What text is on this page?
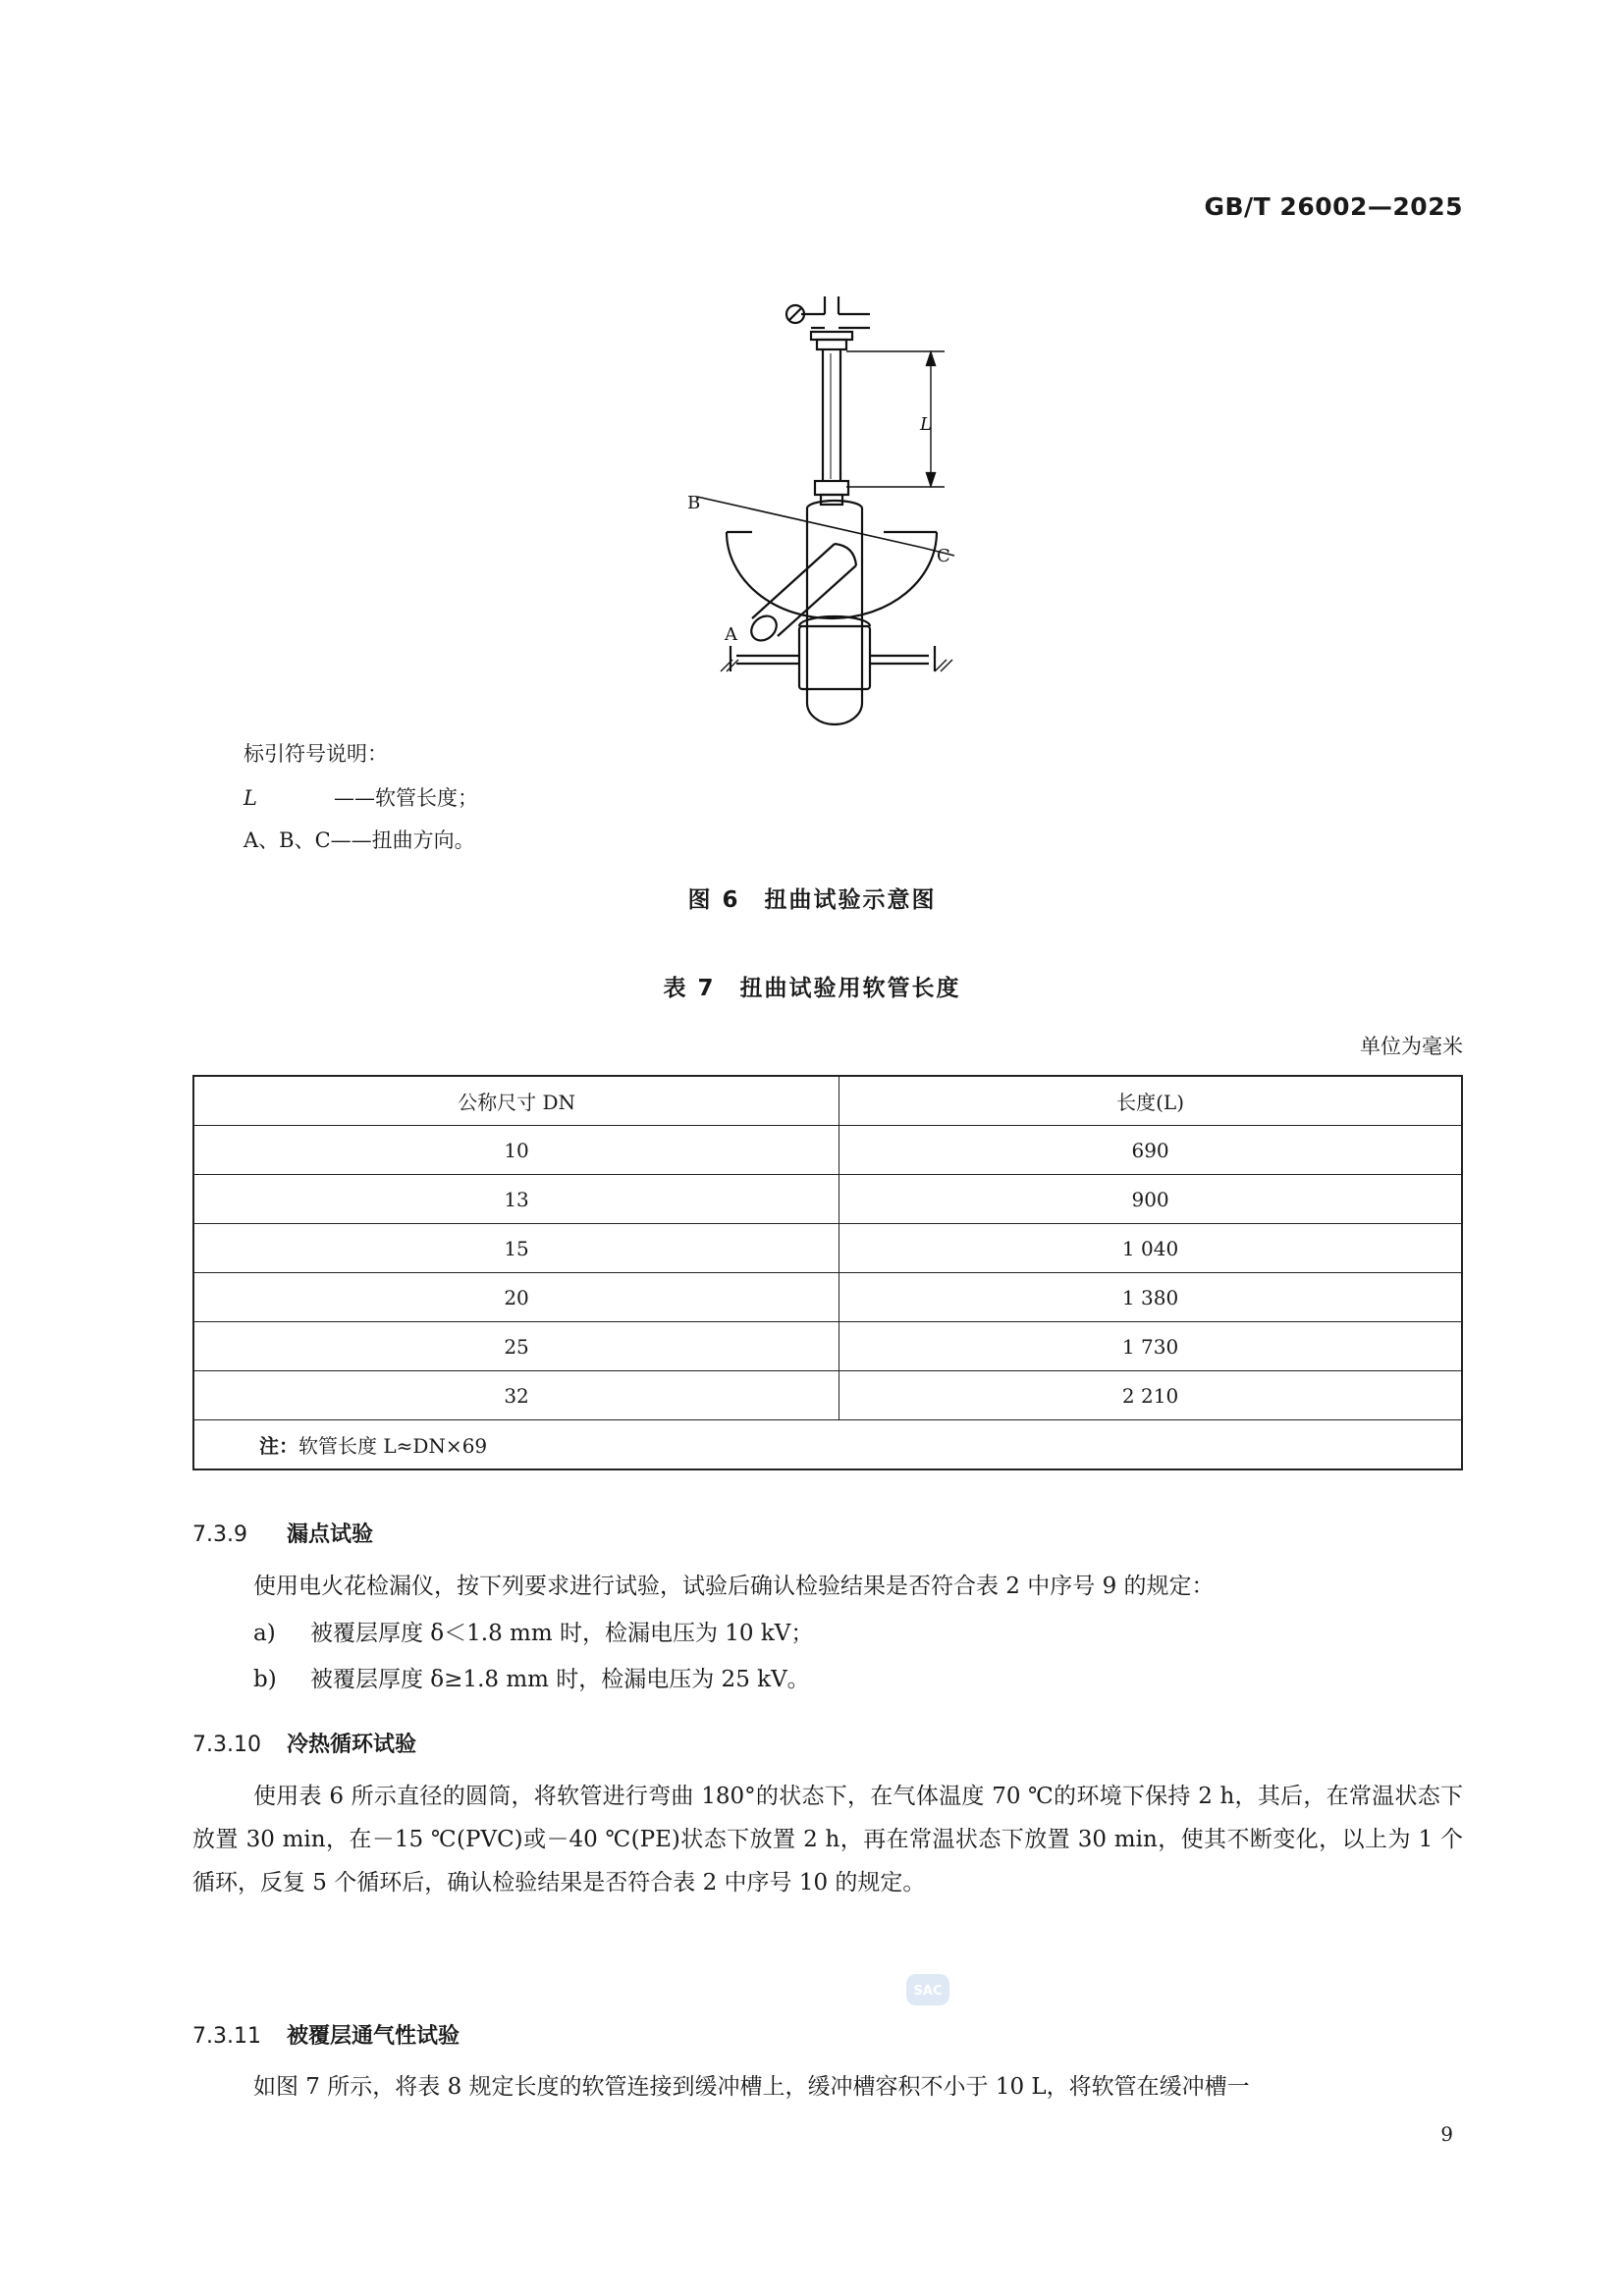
GB/T 26002—2025
L
B
C
A
标引符号说明：
L	——软管长度；
A、B、C——扭曲方向。
图 6　扭曲试验示意图
表 7　扭曲试验用软管长度
单位为毫米
公称尺寸 DN	长度(L)
10	690
13	900
15	1 040
20	1 380
25	1 730
32	2 210
注：软管长度 L≈DN×69	
7.3.9 漏点试验
使用电火花检漏仪，按下列要求进行试验，试验后确认检验结果是否符合表 2 中序号 9 的规定：
a) 被覆层厚度 δ＜1.8 mm 时，检漏电压为 10 kV；
b) 被覆层厚度 δ≥1.8 mm 时，检漏电压为 25 kV。
7.3.10 冷热循环试验
使用表 6 所示直径的圆筒，将软管进行弯曲 180°的状态下，在气体温度 70 ℃的环境下保持 2 h，其后，在常温状态下放置 30 min，在－15 ℃(PVC)或－40 ℃(PE)状态下放置 2 h，再在常温状态下放置 30 min，使其不断变化，以上为 1 个循环，反复 5 个循环后，确认检验结果是否符合表 2 中序号 10 的规定。
SAC
7.3.11 被覆层通气性试验
如图 7 所示，将表 8 规定长度的软管连接到缓冲槽上，缓冲槽容积不小于 10 L，将软管在缓冲槽一
9
